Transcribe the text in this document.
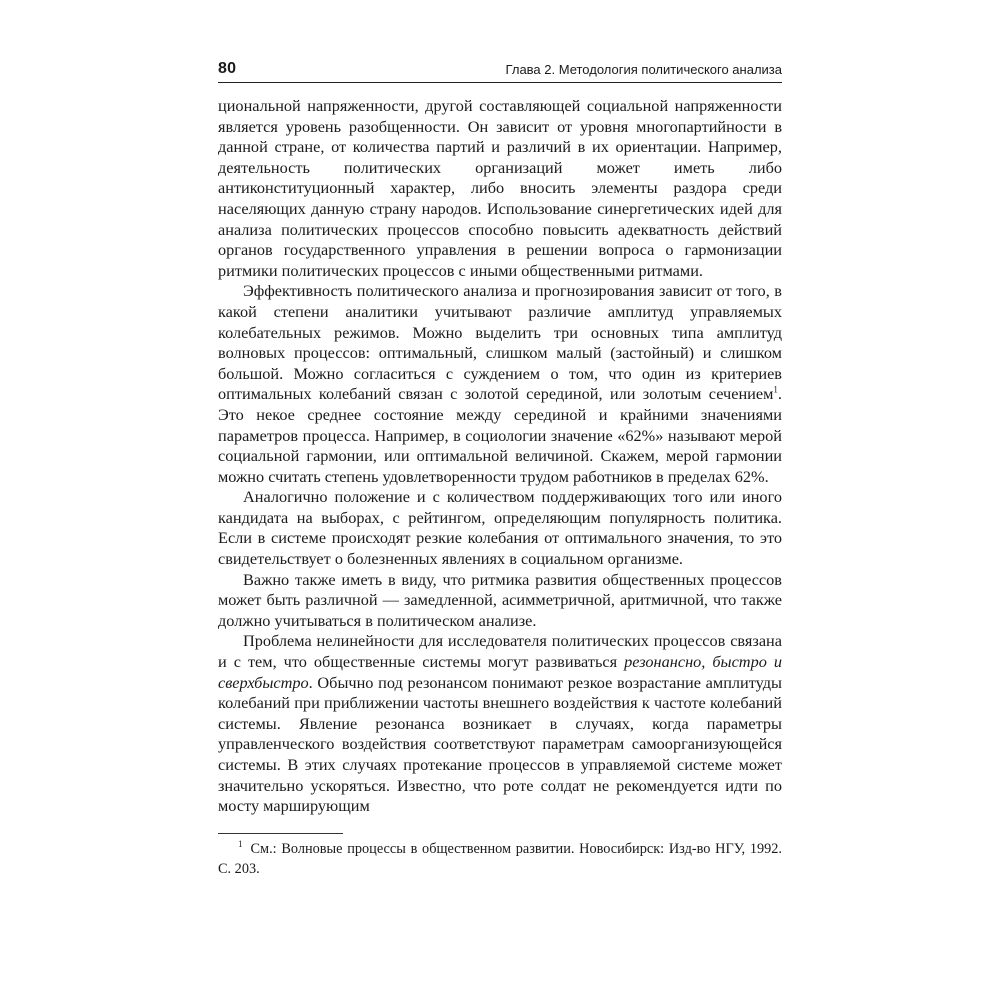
80	Глава 2. Методология политического анализа

циональной напряженности, другой составляющей социальной напряженности является уровень разобщенности. Он зависит от уровня многопартийности в данной стране, от количества партий и различий в их ориентации. Например, деятельность политических организаций может иметь либо антиконституционный характер, либо вносить элементы раздора среди населяющих данную страну народов. Использование синергетических идей для анализа политических процессов способно повысить адекватность действий органов государственного управления в решении вопроса о гармонизации ритмики политических процессов с иными общественными ритмами.

Эффективность политического анализа и прогнозирования зависит от того, в какой степени аналитики учитывают различие амплитуд управляемых колебательных режимов. Можно выделить три основных типа амплитуд волновых процессов: оптимальный, слишком малый (застойный) и слишком большой. Можно согласиться с суждением о том, что один из критериев оптимальных колебаний связан с золотой серединой, или золотым сечением$^1$. Это некое среднее состояние между серединой и крайними значениями параметров процесса. Например, в социологии значение «62%» называют мерой социальной гармонии, или оптимальной величиной. Скажем, мерой гармонии можно считать степень удовлетворенности трудом работников в пределах 62%.

Аналогично положение и с количеством поддерживающих того или иного кандидата на выборах, с рейтингом, определяющим популярность политика. Если в системе происходят резкие колебания от оптимального значения, то это свидетельствует о болезненных явлениях в социальном организме.

Важно также иметь в виду, что ритмика развития общественных процессов может быть различной — замедленной, асимметричной, аритмичной, что также должно учитываться в политическом анализе.

Проблема нелинейности для исследователя политических процессов связана и с тем, что общественные системы могут развиваться резонансно, быстро и сверхбыстро. Обычно под резонансом понимают резкое возрастание амплитуды колебаний при приближении частоты внешнего воздействия к частоте колебаний системы. Явление резонанса возникает в случаях, когда параметры управленческого воздействия соответствуют параметрам самоорганизующейся системы. В этих случаях протекание процессов в управляемой системе может значительно ускоряться. Известно, что роте солдат не рекомендуется идти по мосту марширующим

$^1$ См.: Волновые процессы в общественном развитии. Новосибирск: Изд-во НГУ, 1992. С. 203.
